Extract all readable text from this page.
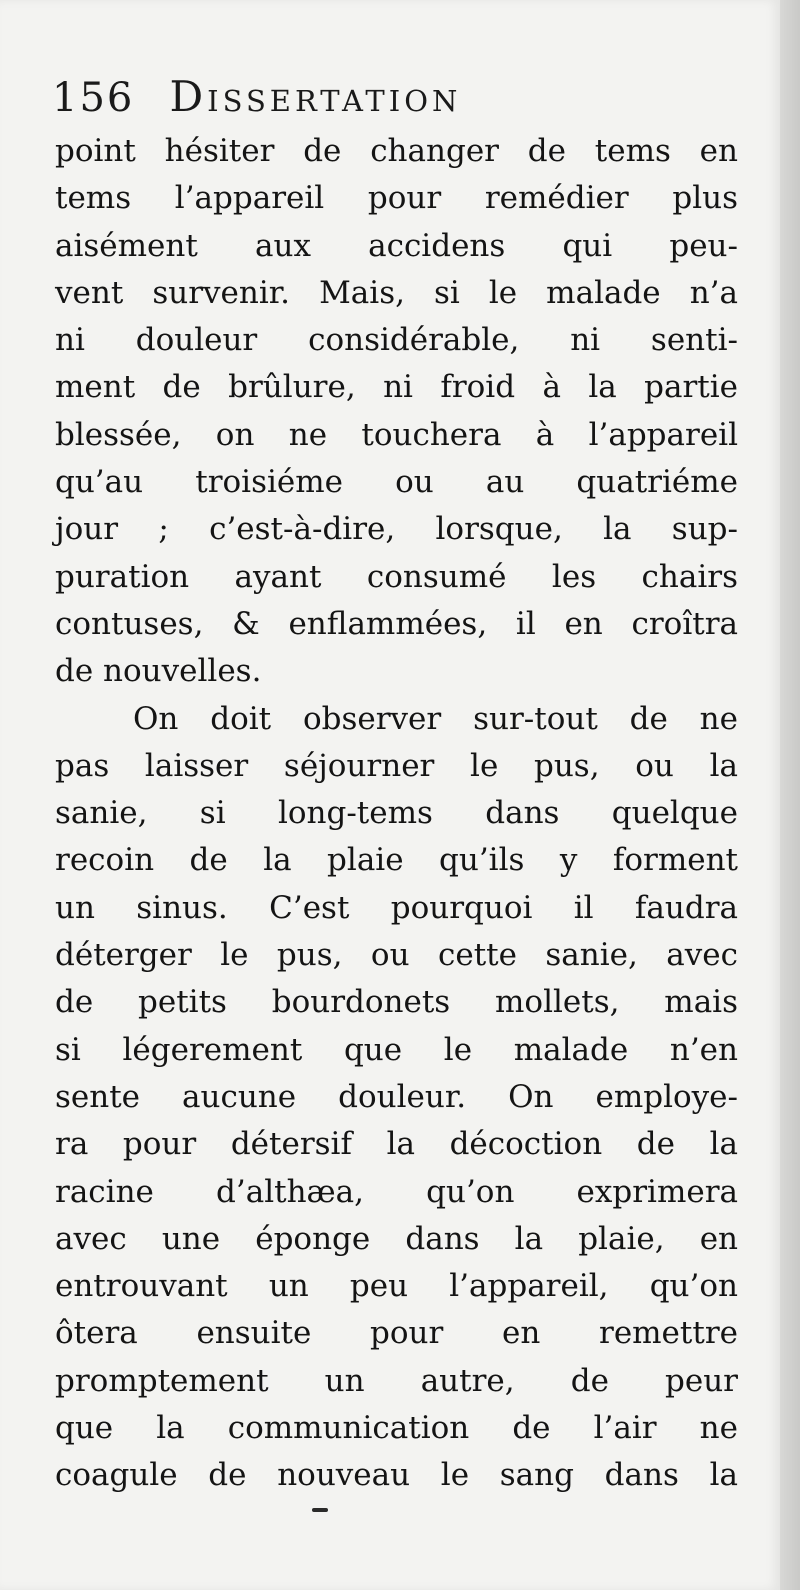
156 Dissertation
point hésiter de changer de tems en
tems l’appareil pour remédier plus
aisément aux accidens qui peu-
vent survenir. Mais, si le malade n’a
ni douleur considérable, ni senti-
ment de brûlure, ni froid à la partie
blessée, on ne touchera à l’appareil
qu’au troisiéme ou au quatriéme
jour ; c’est-à-dire, lorsque, la sup-
puration ayant consumé les chairs
contuses, & enflammées, il en croîtra
de nouvelles.
On doit observer sur-tout de ne
pas laisser séjourner le pus, ou la
sanie, si long-tems dans quelque
recoin de la plaie qu’ils y forment
un sinus. C’est pourquoi il faudra
déterger le pus, ou cette sanie, avec
de petits bourdonets mollets, mais
si légerement que le malade n’en
sente aucune douleur. On employe-
ra pour détersif la décoction de la
racine d’althæa, qu’on exprimera
avec une éponge dans la plaie, en
entrouvant un peu l’appareil, qu’on
ôtera ensuite pour en remettre
promptement un autre, de peur
que la communication de l’air ne
coagule de nouveau le sang dans la
